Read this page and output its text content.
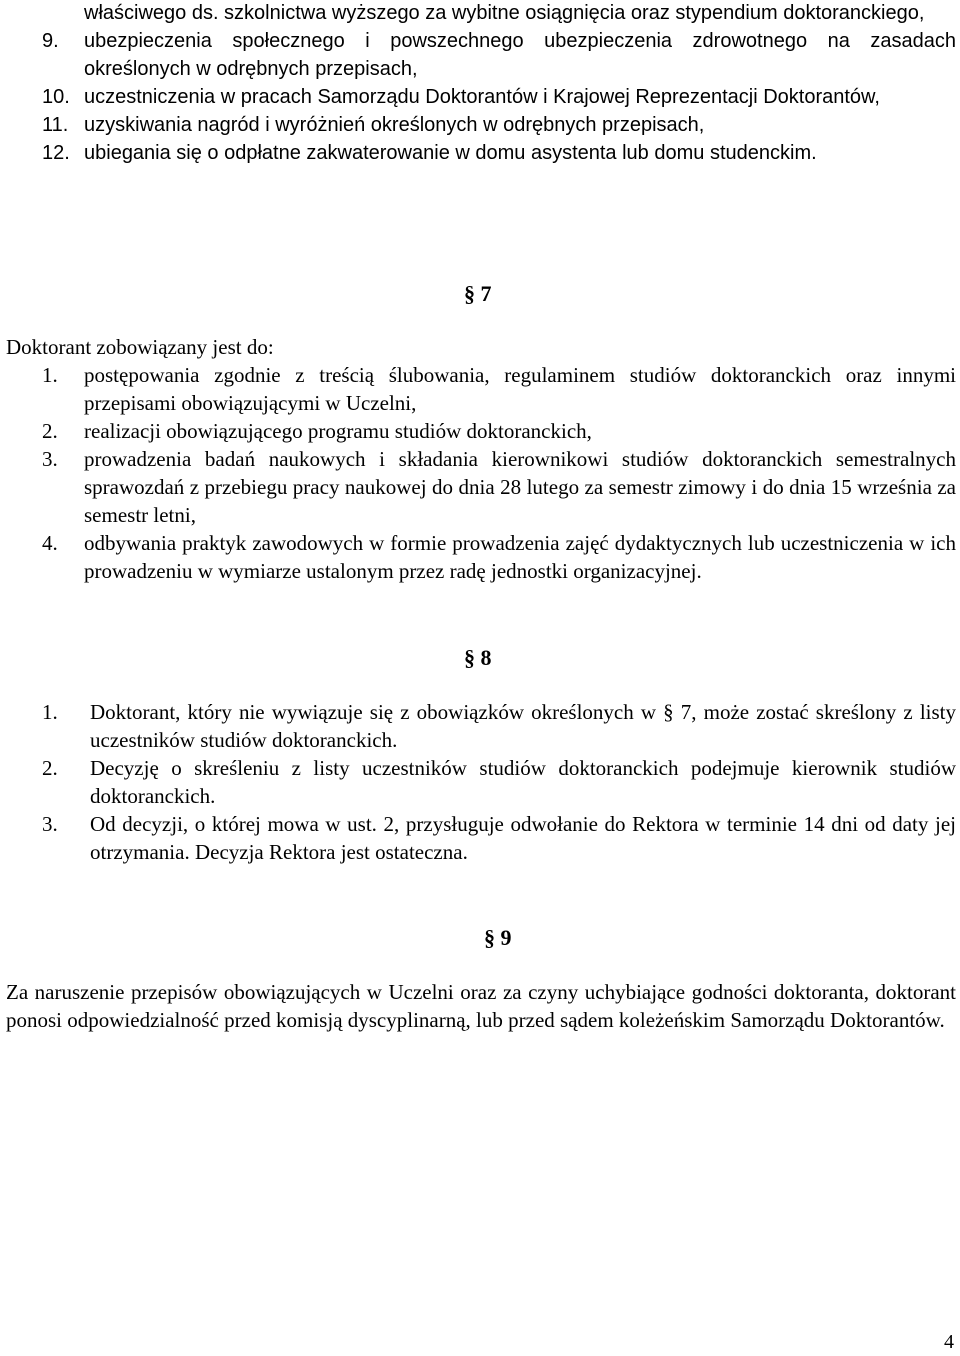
właściwego ds. szkolnictwa wyższego za wybitne osiągnięcia oraz stypendium doktoranckiego,
9. ubezpieczenia społecznego i powszechnego ubezpieczenia zdrowotnego na zasadach określonych w odrębnych przepisach,
10. uczestniczenia w pracach Samorządu Doktorantów i Krajowej Reprezentacji Doktorantów,
11. uzyskiwania nagród i wyróżnień określonych w odrębnych przepisach,
12. ubiegania się o odpłatne zakwaterowanie w domu asystenta lub domu studenckim.
§ 7
Doktorant zobowiązany jest do:
1. postępowania zgodnie z treścią ślubowania, regulaminem studiów doktoranckich oraz innymi przepisami obowiązującymi w Uczelni,
2. realizacji obowiązującego programu studiów doktoranckich,
3. prowadzenia badań naukowych i składania kierownikowi studiów doktoranckich semestralnych sprawozdań z przebiegu pracy naukowej do dnia 28 lutego za semestr zimowy i do dnia 15 września za semestr letni,
4. odbywania praktyk zawodowych w formie prowadzenia zajęć dydaktycznych lub uczestniczenia w ich prowadzeniu w wymiarze ustalonym przez radę jednostki organizacyjnej.
§ 8
1. Doktorant, który nie wywiązuje się z obowiązków określonych w § 7, może zostać skreślony z listy uczestników studiów doktoranckich.
2. Decyzję o skreśleniu z listy uczestników studiów doktoranckich podejmuje kierownik studiów doktoranckich.
3. Od decyzji, o której mowa w ust. 2, przysługuje odwołanie do Rektora w terminie 14 dni od daty jej otrzymania. Decyzja Rektora jest ostateczna.
§ 9
Za naruszenie przepisów obowiązujących w Uczelni oraz za czyny uchybiające godności doktoranta, doktorant ponosi odpowiedzialność przed komisją dyscyplinarną, lub przed sądem koleżeńskim Samorządu Doktorantów.
4
